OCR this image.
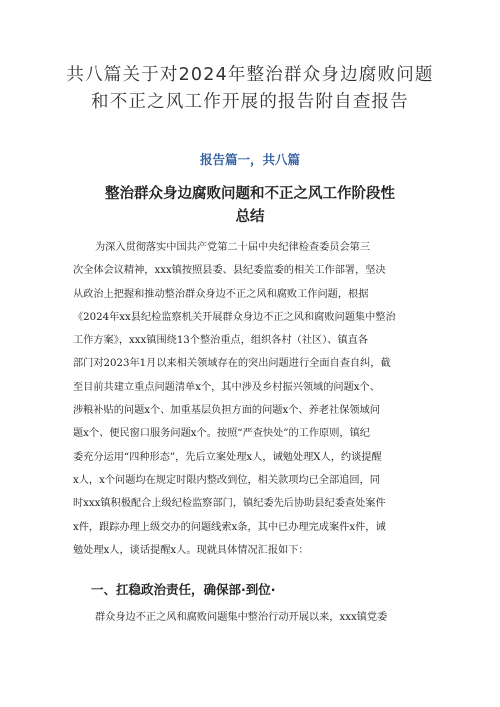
共八篇关于对2024年整治群众身边腐败问题和不正之风工作开展的报告附自查报告
报告篇一，共八篇
整治群众身边腐败问题和不正之风工作阶段性总结
为深入贯彻落实中国共产党第二十届中央纪律检查委员会第三
次全体会议精神，xxx镇按照县委、县纪委监委的相关工作部署，坚决
从政治上把握和推动整治群众身边不正之风和腐败工作问题，根据
《2024年xx县纪检监察机关开展群众身边不正之风和腐败问题集中整治
工作方案》，xxx镇围绕13个整治重点，组织各村（社区）、镇直各
部门对2023年1月以来相关领域存在的突出问题进行全面自查自纠，截
至目前共建立重点问题清单x个，其中涉及乡村振兴领域的问题x个、
涉粮补贴的问题x个、加重基层负担方面的问题x个、养老社保领域问
题x个、便民窗口服务问题x个。按照“严查快处”的工作原则，镇纪
委充分运用“四种形态”，先后立案处理x人，诫勉处理X人，约谈提醒
x人，x个问题均在规定时限内整改到位，相关款项均已全部追回，同
时xxx镇积极配合上级纪检监察部门，镇纪委先后协助县纪委查处案件
x件，跟踪办理上级交办的问题线索x条，其中已办理完成案件x件，诫
勉处理x人，谈话提醒x人。现就具体情况汇报如下：
一、扛稳政治责任，确保部·到位·

群众身边不正之风和腐败问题集中整治行动开展以来，xxx镇党委
